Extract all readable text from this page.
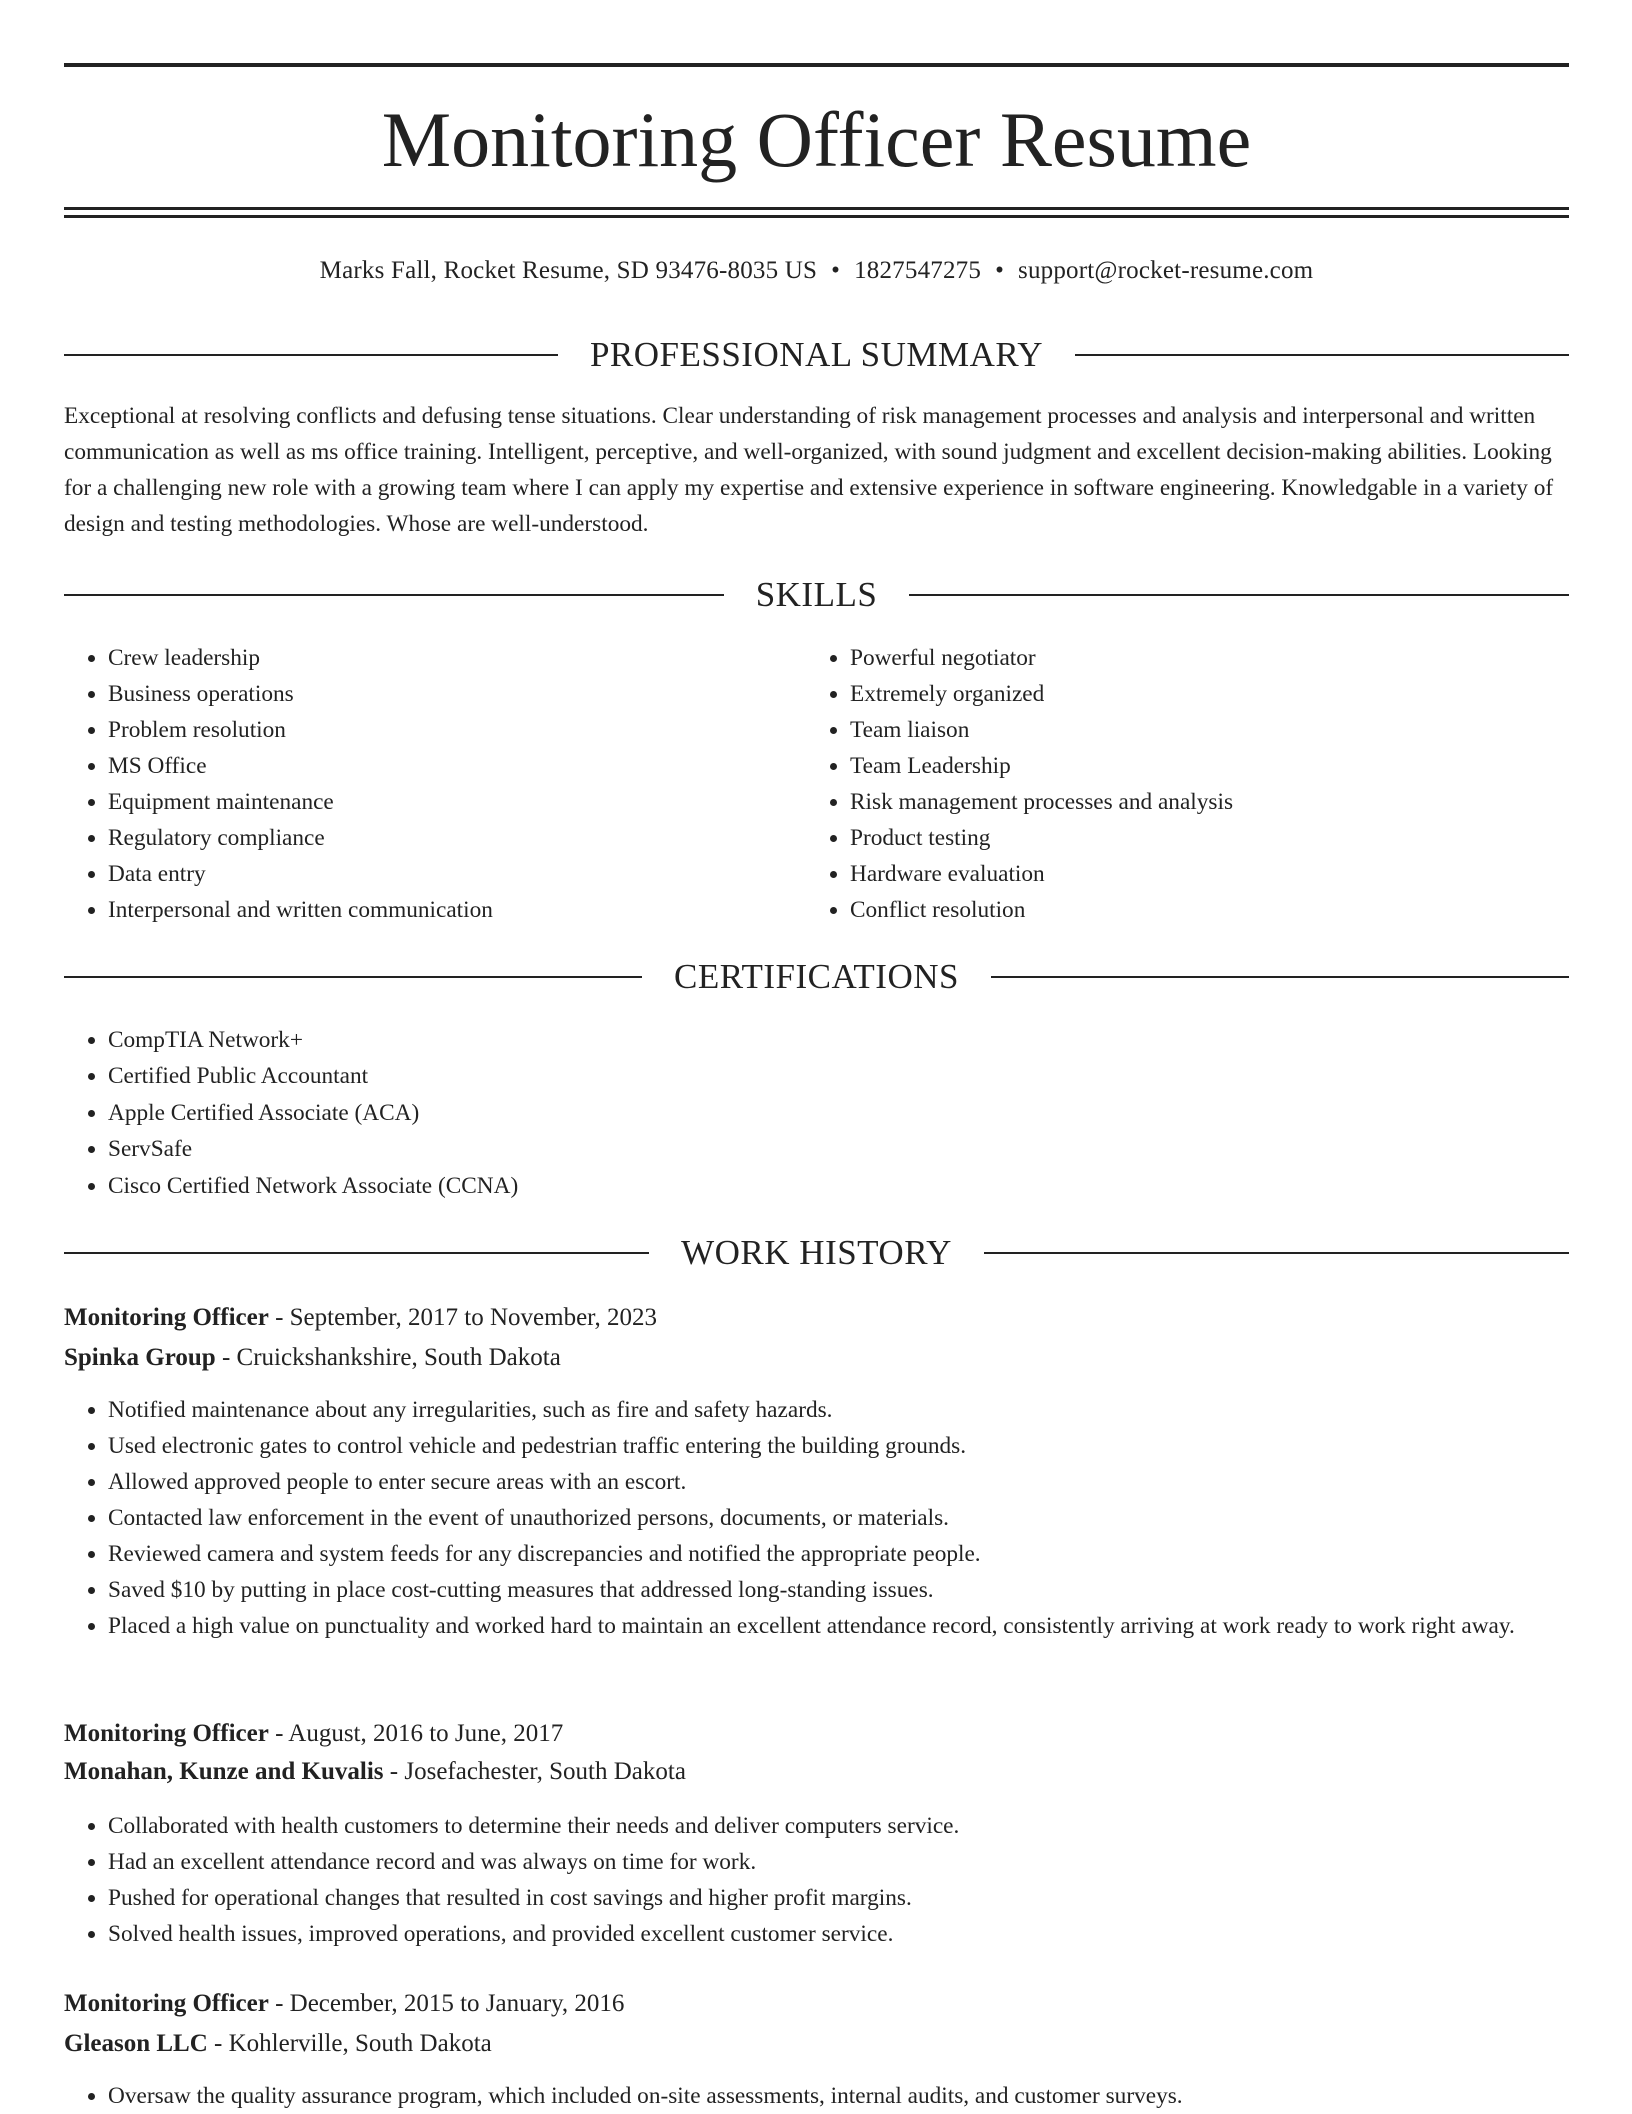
Monitoring Officer Resume
Marks Fall, Rocket Resume, SD 93476-8035 US • 1827547275 • support@rocket-resume.com
PROFESSIONAL SUMMARY

Exceptional at resolving conflicts and defusing tense situations. Clear understanding of risk management processes and analysis and interpersonal and written communication as well as ms office training. Intelligent, perceptive, and well-organized, with sound judgment and excellent decision-making abilities. Looking for a challenging new role with a growing team where I can apply my expertise and extensive experience in software engineering. Knowledgable in a variety of design and testing methodologies. Whose are well-understood.

SKILLS
• Crew leadership
• Business operations
• Problem resolution
• MS Office
• Equipment maintenance
• Regulatory compliance
• Data entry
• Interpersonal and written communication
• Powerful negotiator
• Extremely organized
• Team liaison
• Team Leadership
• Risk management processes and analysis
• Product testing
• Hardware evaluation
• Conflict resolution
CERTIFICATIONS
• CompTIA Network+
• Certified Public Accountant
• Apple Certified Associate (ACA)
• ServSafe
• Cisco Certified Network Associate (CCNA)
WORK HISTORY
Monitoring Officer - September, 2017 to November, 2023
Spinka Group - Cruickshankshire, South Dakota
• Notified maintenance about any irregularities, such as fire and safety hazards.
• Used electronic gates to control vehicle and pedestrian traffic entering the building grounds.
• Allowed approved people to enter secure areas with an escort.
• Contacted law enforcement in the event of unauthorized persons, documents, or materials.
• Reviewed camera and system feeds for any discrepancies and notified the appropriate people.
• Saved $10 by putting in place cost-cutting measures that addressed long-standing issues.
• Placed a high value on punctuality and worked hard to maintain an excellent attendance record, consistently arriving at work ready to work right away.
Monitoring Officer - August, 2016 to June, 2017
Monahan, Kunze and Kuvalis - Josefachester, South Dakota
• Collaborated with health customers to determine their needs and deliver computers service.
• Had an excellent attendance record and was always on time for work.
• Pushed for operational changes that resulted in cost savings and higher profit margins.
• Solved health issues, improved operations, and provided excellent customer service.
Monitoring Officer - December, 2015 to January, 2016
Gleason LLC - Kohlerville, South Dakota
• Oversaw the quality assurance program, which included on-site assessments, internal audits, and customer surveys.
